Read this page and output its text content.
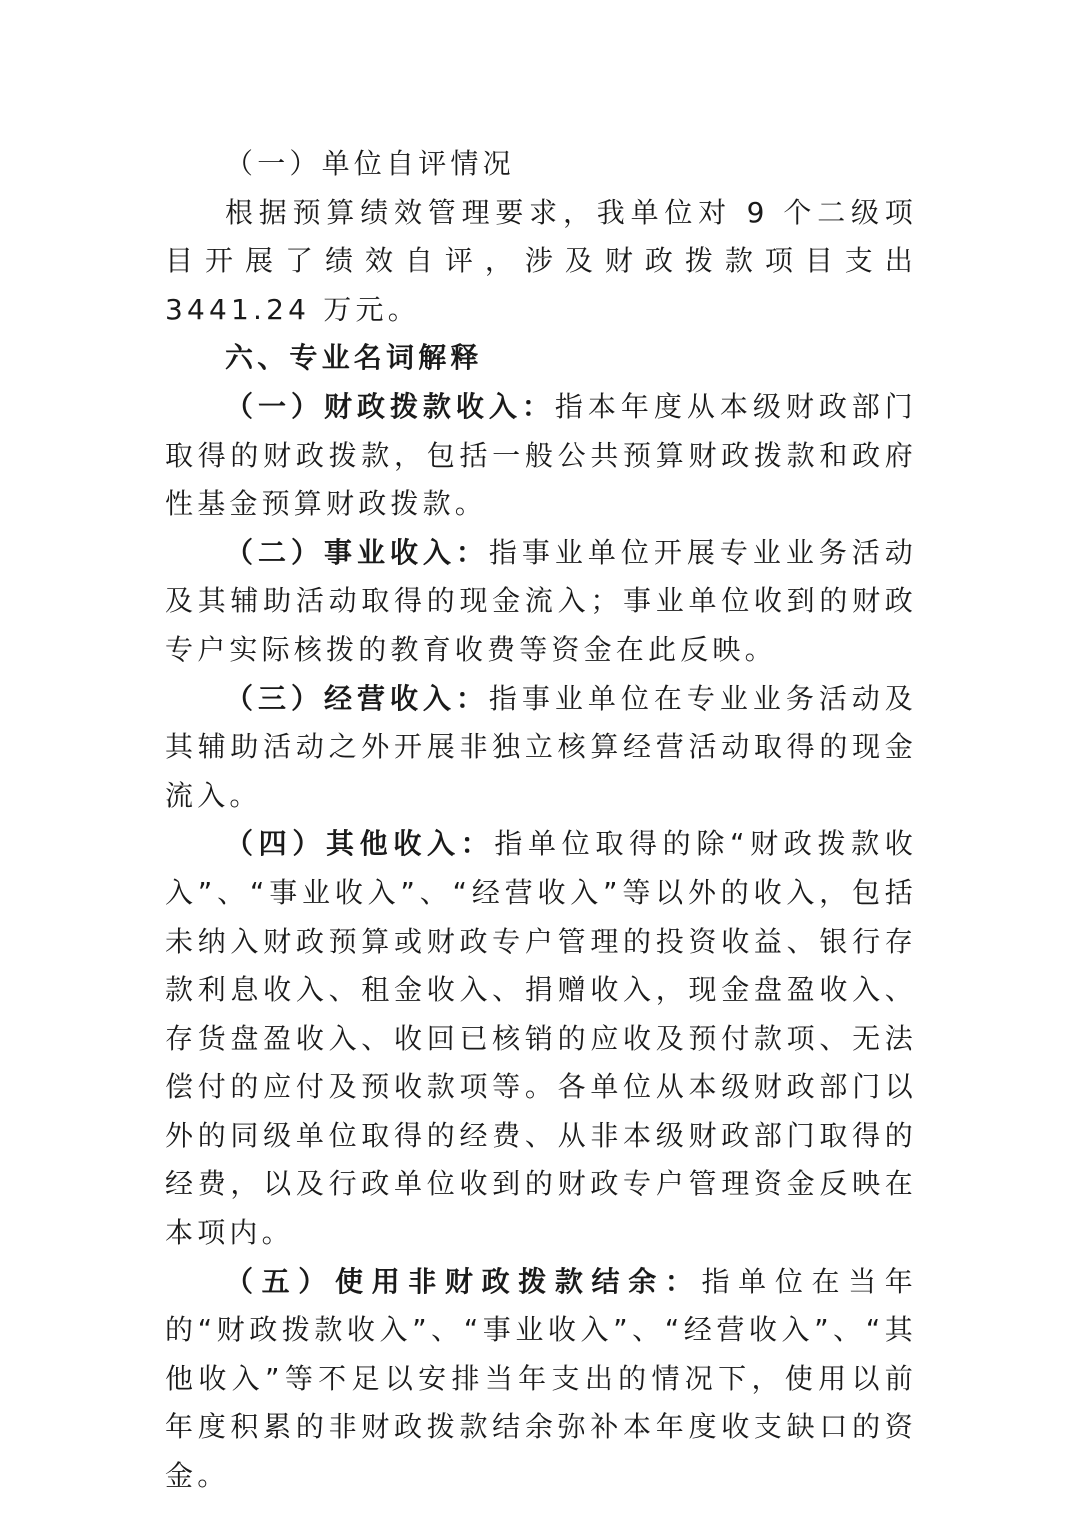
（一）单位自评情况

根据预算绩效管理要求，我单位对 9 个二级项目开展了绩效自评，涉及财政拨款项目支出 3441.24 万元。

六、专业名词解释

（一）财政拨款收入：指本年度从本级财政部门取得的财政拨款，包括一般公共预算财政拨款和政府性基金预算财政拨款。

（二）事业收入：指事业单位开展专业业务活动及其辅助活动取得的现金流入；事业单位收到的财政专户实际核拨的教育收费等资金在此反映。

（三）经营收入：指事业单位在专业业务活动及其辅助活动之外开展非独立核算经营活动取得的现金流入。

（四）其他收入：指单位取得的除“财政拨款收入”、“事业收入”、“经营收入”等以外的收入，包括未纳入财政预算或财政专户管理的投资收益、银行存款利息收入、租金收入、捐赠收入，现金盘盈收入、存货盘盈收入、收回已核销的应收及预付款项、无法偿付的应付及预收款项等。各单位从本级财政部门以外的同级单位取得的经费、从非本级财政部门取得的经费，以及行政单位收到的财政专户管理资金反映在本项内。

（五）使用非财政拨款结余：指单位在当年的“财政拨款收入”、“事业收入”、“经营收入”、“其他收入”等不足以安排当年支出的情况下，使用以前年度积累的非财政拨款结余弥补本年度收支缺口的资金。
